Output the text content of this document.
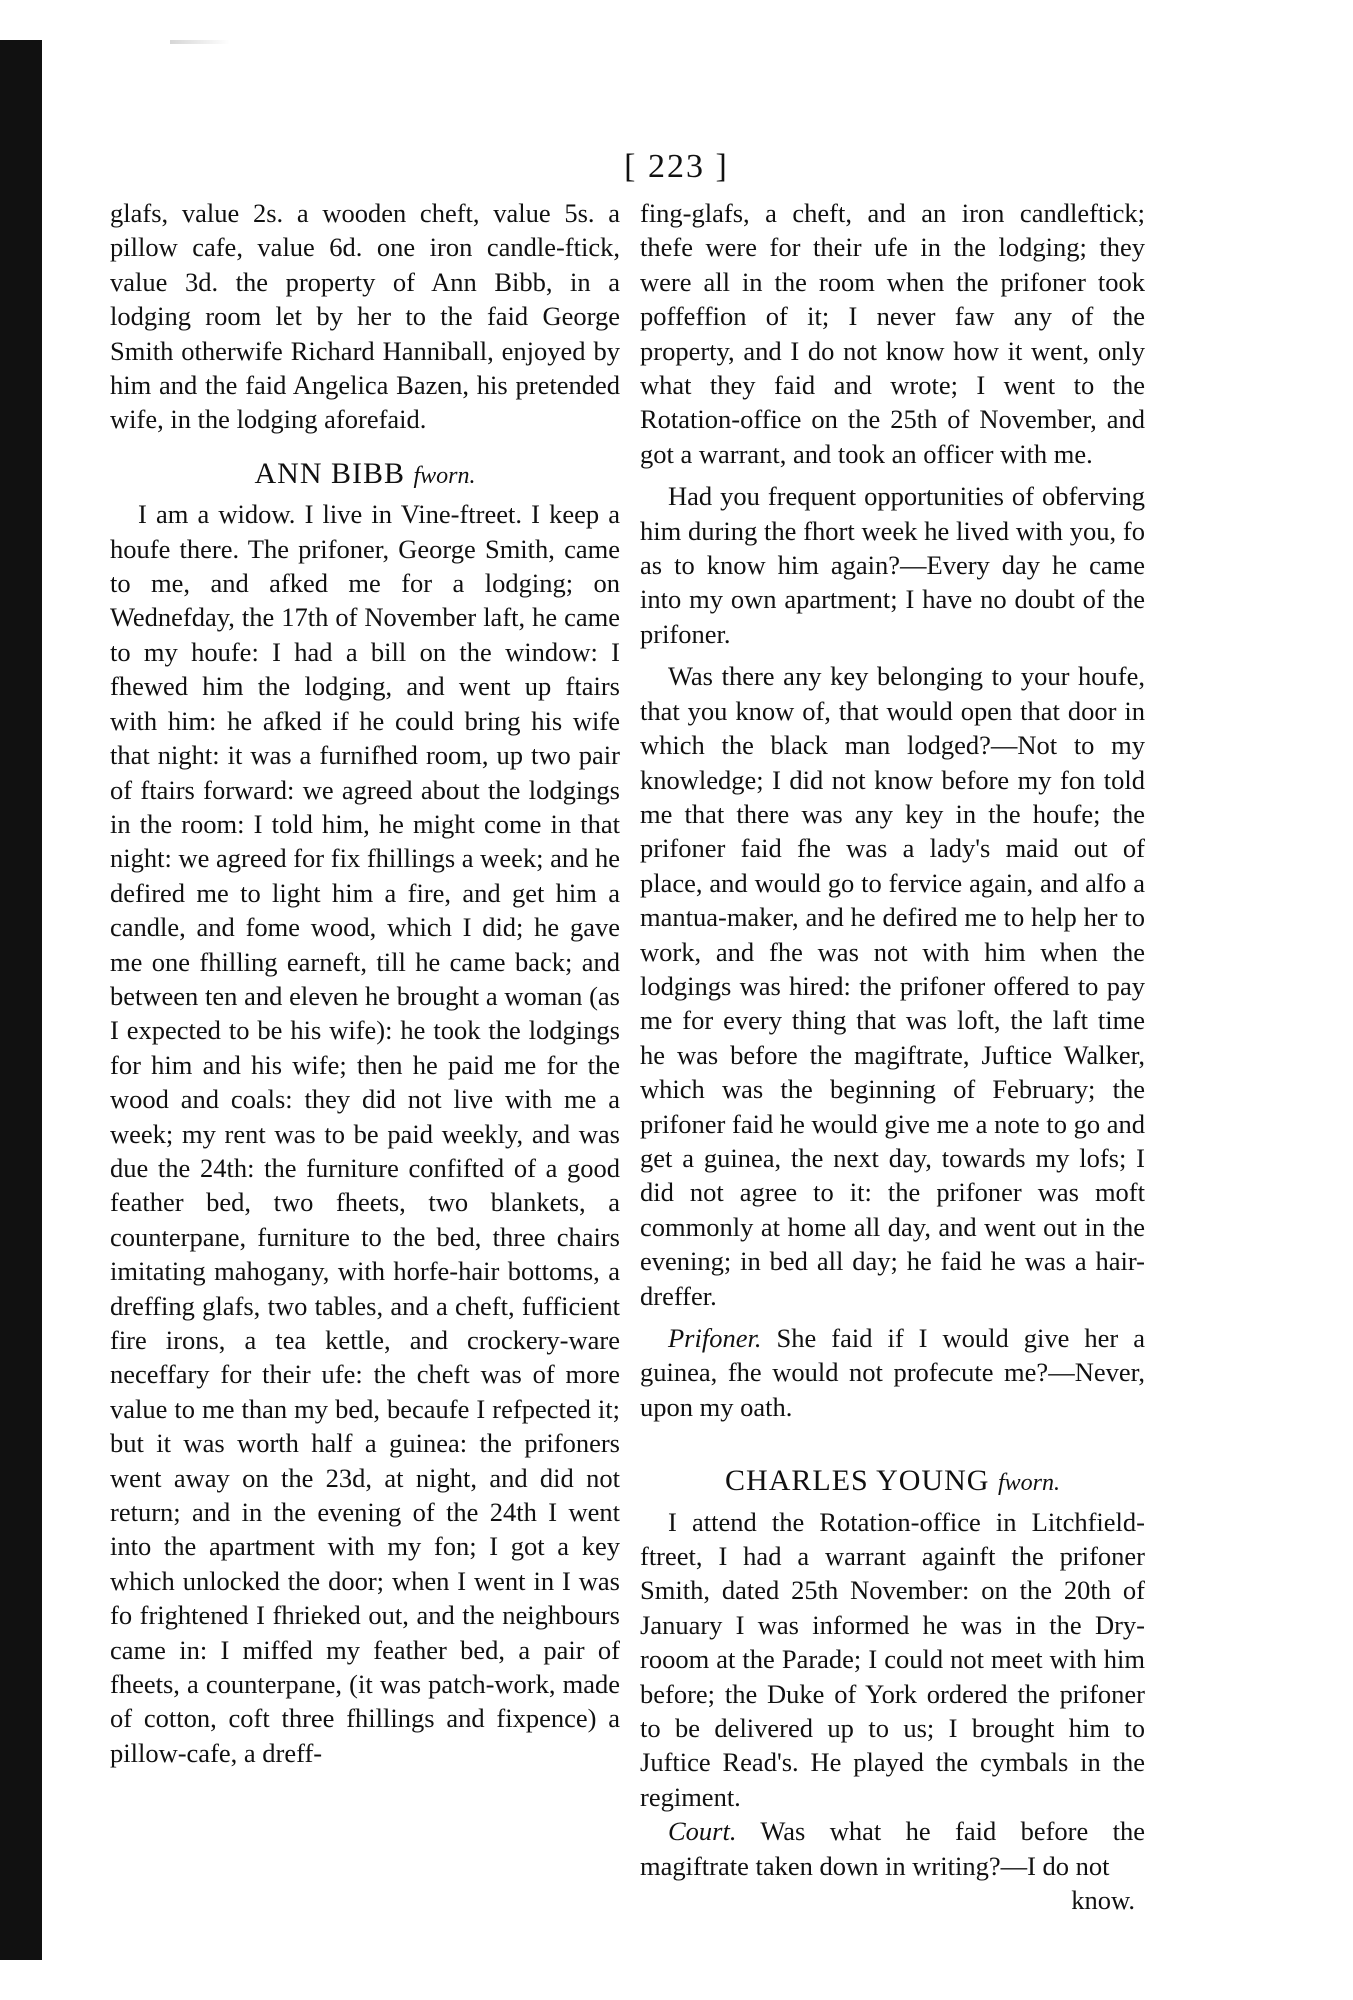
[ 223 ]

glafs, value 2s. a wooden cheft, value 5s. a pillow cafe, value 6d. one iron candle-ftick, value 3d. the property of Ann Bibb, in a lodging room let by her to the faid George Smith otherwife Richard Hanniball, enjoyed by him and the faid Angelica Bazen, his pretended wife, in the lodging aforefaid.

ANN BIBB fworn.

I am a widow. I live in Vine-ftreet. I keep a houfe there. The prifoner, George Smith, came to me, and afked me for a lodging; on Wednefday, the 17th of November laft, he came to my houfe: I had a bill on the window: I fhewed him the lodging, and went up ftairs with him: he afked if he could bring his wife that night: it was a furnifhed room, up two pair of ftairs forward: we agreed about the lodgings in the room: I told him, he might come in that night: we agreed for fix fhillings a week; and he defired me to light him a fire, and get him a candle, and fome wood, which I did; he gave me one fhilling earneft, till he came back; and between ten and eleven he brought a woman (as I expected to be his wife): he took the lodgings for him and his wife; then he paid me for the wood and coals: they did not live with me a week; my rent was to be paid weekly, and was due the 24th: the furniture confifted of a good feather bed, two fheets, two blankets, a counterpane, furniture to the bed, three chairs imitating mahogany, with horfe-hair bottoms, a dreffing glafs, two tables, and a cheft, fufficient fire irons, a tea kettle, and crockery-ware neceffary for their ufe: the cheft was of more value to me than my bed, becaufe I refpected it; but it was worth half a guinea: the prifoners went away on the 23d, at night, and did not return; and in the evening of the 24th I went into the apartment with my fon; I got a key which unlocked the door; when I went in I was fo frightened I fhrieked out, and the neighbours came in: I miffed my feather bed, a pair of fheets, a counterpane, (it was patch-work, made of cotton, coft three fhillings and fixpence) a pillow-cafe, a dreff-

fing-glafs, a cheft, and an iron candleftick; thefe were for their ufe in the lodging; they were all in the room when the prifoner took poffeffion of it; I never faw any of the property, and I do not know how it went, only what they faid and wrote; I went to the Rotation-office on the 25th of November, and got a warrant, and took an officer with me.

Had you frequent opportunities of obferving him during the fhort week he lived with you, fo as to know him again?—Every day he came into my own apartment; I have no doubt of the prifoner.

Was there any key belonging to your houfe, that you know of, that would open that door in which the black man lodged?—Not to my knowledge; I did not know before my fon told me that there was any key in the houfe; the prifoner faid fhe was a lady's maid out of place, and would go to fervice again, and alfo a mantua-maker, and he defired me to help her to work, and fhe was not with him when the lodgings was hired: the prifoner offered to pay me for every thing that was loft, the laft time he was before the magiftrate, Juftice Walker, which was the beginning of February; the prifoner faid he would give me a note to go and get a guinea, the next day, towards my lofs; I did not agree to it: the prifoner was moft commonly at home all day, and went out in the evening; in bed all day; he faid he was a hair-dreffer.

Prifoner. She faid if I would give her a guinea, fhe would not profecute me?—Never, upon my oath.

CHARLES YOUNG fworn.

I attend the Rotation-office in Litchfield-ftreet, I had a warrant againft the prifoner Smith, dated 25th November: on the 20th of January I was informed he was in the Dry-rooom at the Parade; I could not meet with him before; the Duke of York ordered the prifoner to be delivered up to us; I brought him to Juftice Read's. He played the cymbals in the regiment.

Court. Was what he faid before the magiftrate taken down in writing?—I do not

know.
